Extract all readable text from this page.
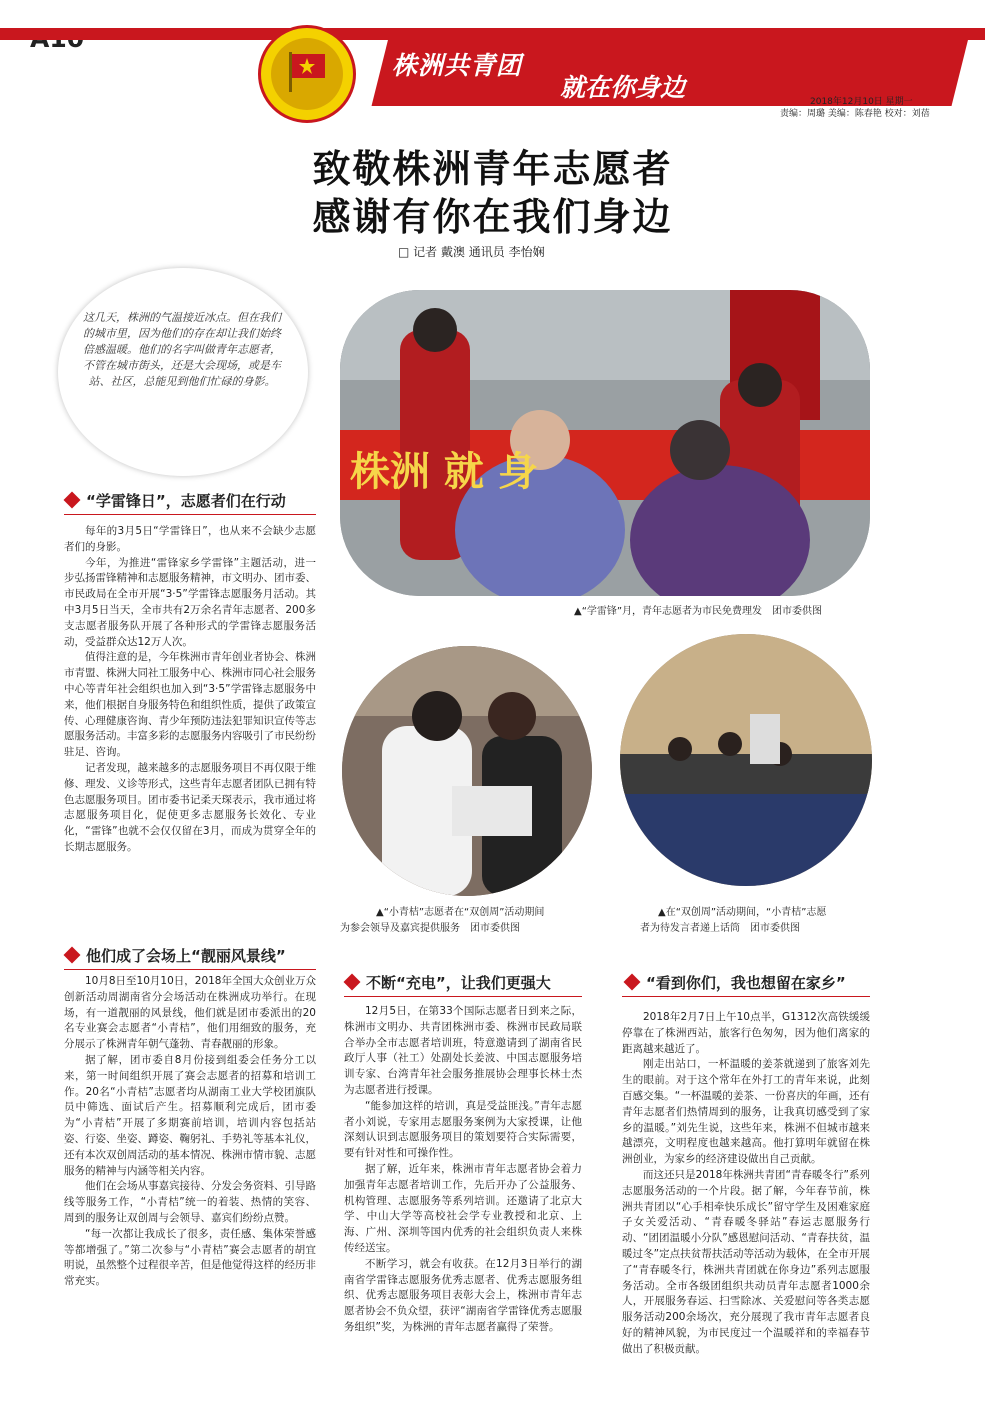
株洲共青团
就在你身边	2018年12月10日 星期一
责编：周璐 美编：陈春艳 校对：刘蓓
致敬株洲青年志愿者
感谢有你在我们身边
□ 记者 戴澳 通讯员 李怡娴
这几天，株洲的气温接近冰点。但在我们的城市里，因为他们的存在却让我们始终倍感温暖。他们的名字叫做青年志愿者，不管在城市街头，还是大会现场，或是车站、社区，总能见到他们忙碌的身影。
株洲 就 身
▲“学雷锋”月，青年志愿者为市民免费理发　团市委供图
“学雷锋日”，志愿者们在行动

每年的3月5日“学雷锋日”，也从来不会缺少志愿者们的身影。

今年，为推进“雷锋家乡学雷锋”主题活动，进一步弘扬雷锋精神和志愿服务精神，市文明办、团市委、市民政局在全市开展“3·5”学雷锋志愿服务月活动。其中3月5日当天，全市共有2万余名青年志愿者、200多支志愿者服务队开展了各种形式的学雷锋志愿服务活动，受益群众达12万人次。

值得注意的是，今年株洲市青年创业者协会、株洲市青盟、株洲大同社工服务中心、株洲市同心社会服务中心等青年社会组织也加入到“3·5”学雷锋志愿服务中来，他们根据自身服务特色和组织性质，提供了政策宣传、心理健康咨询、青少年预防违法犯罪知识宣传等志愿服务活动。丰富多彩的志愿服务内容吸引了市民纷纷驻足、咨询。

记者发现，越来越多的志愿服务项目不再仅限于维修、理发、义诊等形式，这些青年志愿者团队已拥有特色志愿服务项目。团市委书记柔天琛表示，我市通过将志愿服务项目化，促使更多志愿服务长效化、专业化，“雷锋”也就不会仅仅留在3月，而成为贯穿全年的长期志愿服务。

▲“小青桔”志愿者在“双创周”活动期间
为参会领导及嘉宾提供服务　团市委供图
▲在“双创周”活动期间，“小青桔”志愿
者为待发言者递上话筒　团市委供图
他们成了会场上“靓丽风景线”

10月8日至10月10日，2018年全国大众创业万众创新活动周湖南省分会场活动在株洲成功举行。在现场，有一道靓丽的风景线，他们就是团市委派出的20名专业赛会志愿者“小青桔”，他们用细致的服务，充分展示了株洲青年朝气蓬勃、青春靓丽的形象。

据了解，团市委自8月份接到组委会任务分工以来，第一时间组织开展了赛会志愿者的招募和培训工作。20名“小青桔”志愿者均从湖南工业大学校团旗队员中筛选、面试后产生。招募顺利完成后，团市委为“小青桔”开展了多期赛前培训，培训内容包括站姿、行姿、坐姿、蹲姿、鞠躬礼、手势礼等基本礼仪，还有本次双创周活动的基本情况、株洲市情市貌、志愿服务的精神与内涵等相关内容。

他们在会场从事嘉宾接待、分发会务资料、引导路线等服务工作，“小青桔”统一的着装、热情的笑容、周到的服务让双创周与会领导、嘉宾们纷纷点赞。

“每一次都让我成长了很多，责任感、集体荣誉感等都增强了。”第二次参与“小青桔”赛会志愿者的胡宜明说，虽然整个过程很辛苦，但是他觉得这样的经历非常充实。

不断“充电”，让我们更强大

12月5日，在第33个国际志愿者日到来之际，株洲市文明办、共青团株洲市委、株洲市民政局联合举办全市志愿者培训班，特意邀请到了湖南省民政厅人事（社工）处副处长姜波、中国志愿服务培训专家、台湾青年社会服务推展协会理事长林士杰为志愿者进行授课。

“能参加这样的培训，真是受益匪浅。”青年志愿者小刘说，专家用志愿服务案例为大家授课，让他深刻认识到志愿服务项目的策划要符合实际需要，要有针对性和可操作性。

据了解，近年来，株洲市青年志愿者协会着力加强青年志愿者培训工作，先后开办了公益服务、机构管理、志愿服务等系列培训。还邀请了北京大学、中山大学等高校社会学专业教授和北京、上海、广州、深圳等国内优秀的社会组织负责人来株传经送宝。

不断学习，就会有收获。在12月3日举行的湖南省学雷锋志愿服务优秀志愿者、优秀志愿服务组织、优秀志愿服务项目表彰大会上，株洲市青年志愿者协会不负众望，获评“湖南省学雷锋优秀志愿服务组织”奖，为株洲的青年志愿者赢得了荣誉。

“看到你们，我也想留在家乡”

2018年2月7日上午10点半，G1312次高铁缓缓停靠在了株洲西站，旅客行色匆匆，因为他们离家的距离越来越近了。

刚走出站口，一杯温暖的姜茶就递到了旅客刘先生的眼前。对于这个常年在外打工的青年来说，此刻百感交集。“一杯温暖的姜茶、一份喜庆的年画，还有青年志愿者们热情周到的服务，让我真切感受到了家乡的温暖。”刘先生说，这些年来，株洲不但城市越来越漂亮，文明程度也越来越高。他打算明年就留在株洲创业，为家乡的经济建设做出自己贡献。

而这还只是2018年株洲共青团“青春暖冬行”系列志愿服务活动的一个片段。据了解，今年春节前，株洲共青团以“心手相牵快乐成长”留守学生及困难家庭子女关爱活动、“青春暖冬驿站”春运志愿服务行动、“团团温暖小分队”感恩慰问活动、“青春扶贫，温暖过冬”定点扶贫帮扶活动等活动为载体，在全市开展了“青春暖冬行，株洲共青团就在你身边”系列志愿服务活动。全市各级团组织共动员青年志愿者1000余人，开展服务春运、扫雪除冰、关爱慰问等各类志愿服务活动200余场次，充分展现了我市青年志愿者良好的精神风貌，为市民度过一个温暖祥和的幸福春节做出了积极贡献。
